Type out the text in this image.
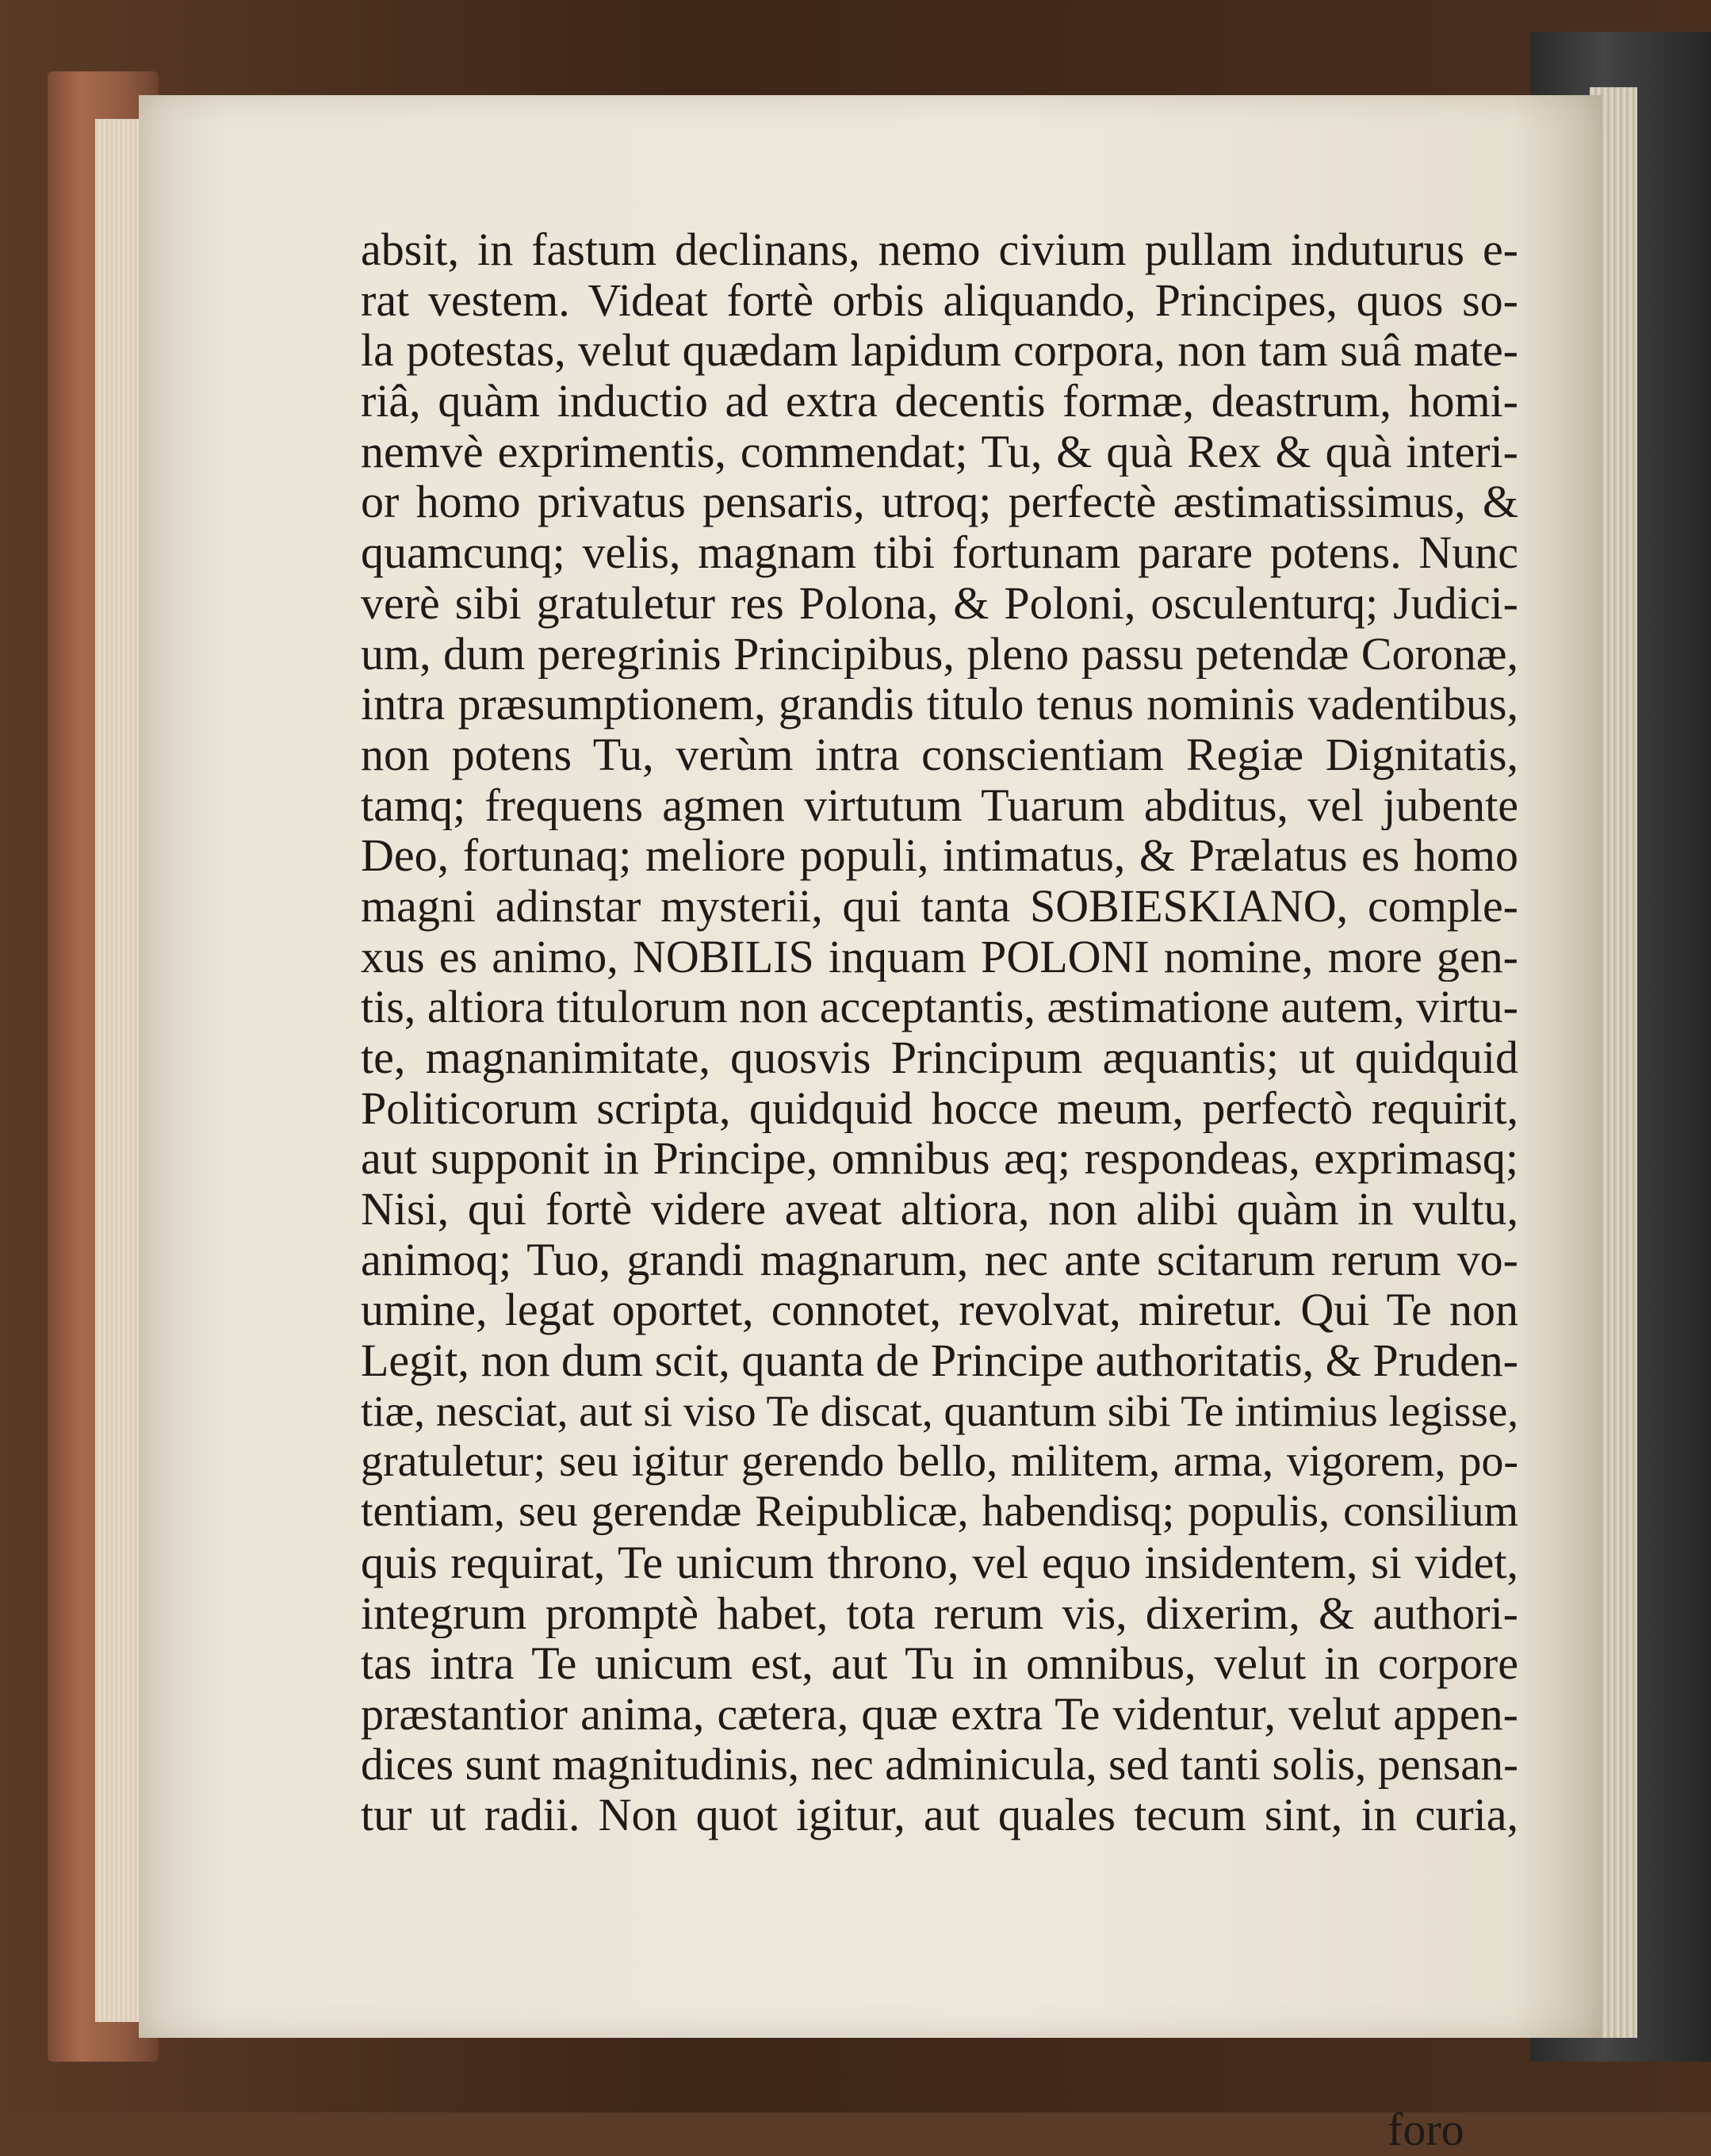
absit, in fastum declinans, nemo civium pullam induturus e-
rat vestem. Videat fortè orbis aliquando, Principes, quos so-
la potestas, velut quædam lapidum corpora, non tam suâ mate-
riâ, quàm inductio ad extra decentis formæ, deastrum, homi-
nemvè exprimentis, commendat; Tu, & quà Rex & quà interi-
or homo privatus pensaris, utroq; perfectè æstimatissimus, &
quamcunq; velis, magnam tibi fortunam parare potens. Nunc
verè sibi gratuletur res Polona, & Poloni, osculenturq; Judici-
um, dum peregrinis Principibus, pleno passu petendæ Coronæ,
intra præsumptionem, grandis titulo tenus nominis vadentibus,
non potens Tu, verùm intra conscientiam Regiæ Dignitatis,
tamq; frequens agmen virtutum Tuarum abditus, vel jubente
Deo, fortunaq; meliore populi, intimatus, & Prælatus es homo
magni adinstar mysterii, qui tanta SOBIESKIANO, comple-
xus es animo, NOBILIS inquam POLONI nomine, more gen-
tis, altiora titulorum non acceptantis, æstimatione autem, virtu-
te, magnanimitate, quosvis Principum æquantis; ut quidquid
Politicorum scripta, quidquid hocce meum, perfectò requirit,
aut supponit in Principe, omnibus æq; respondeas, exprimasq;
Nisi, qui fortè videre aveat altiora, non alibi quàm in vultu,
animoq; Tuo, grandi magnarum, nec ante scitarum rerum vo-
umine, legat oportet, connotet, revolvat, miretur. Qui Te non
Legit, non dum scit, quanta de Principe authoritatis, & Pruden-
tiæ, nesciat, aut si viso Te discat, quantum sibi Te intimius legisse,
gratuletur; seu igitur gerendo bello, militem, arma, vigorem, po-
tentiam, seu gerendæ Reipublicæ, habendisq; populis, consilium
quis requirat, Te unicum throno, vel equo insidentem, si videt,
integrum promptè habet, tota rerum vis, dixerim, & authori-
tas intra Te unicum est, aut Tu in omnibus, velut in corpore
præstantior anima, cætera, quæ extra Te videntur, velut appen-
dices sunt magnitudinis, nec adminicula, sed tanti solis, pensan-
tur ut radii. Non quot igitur, aut quales tecum sint, in curia,
foro
